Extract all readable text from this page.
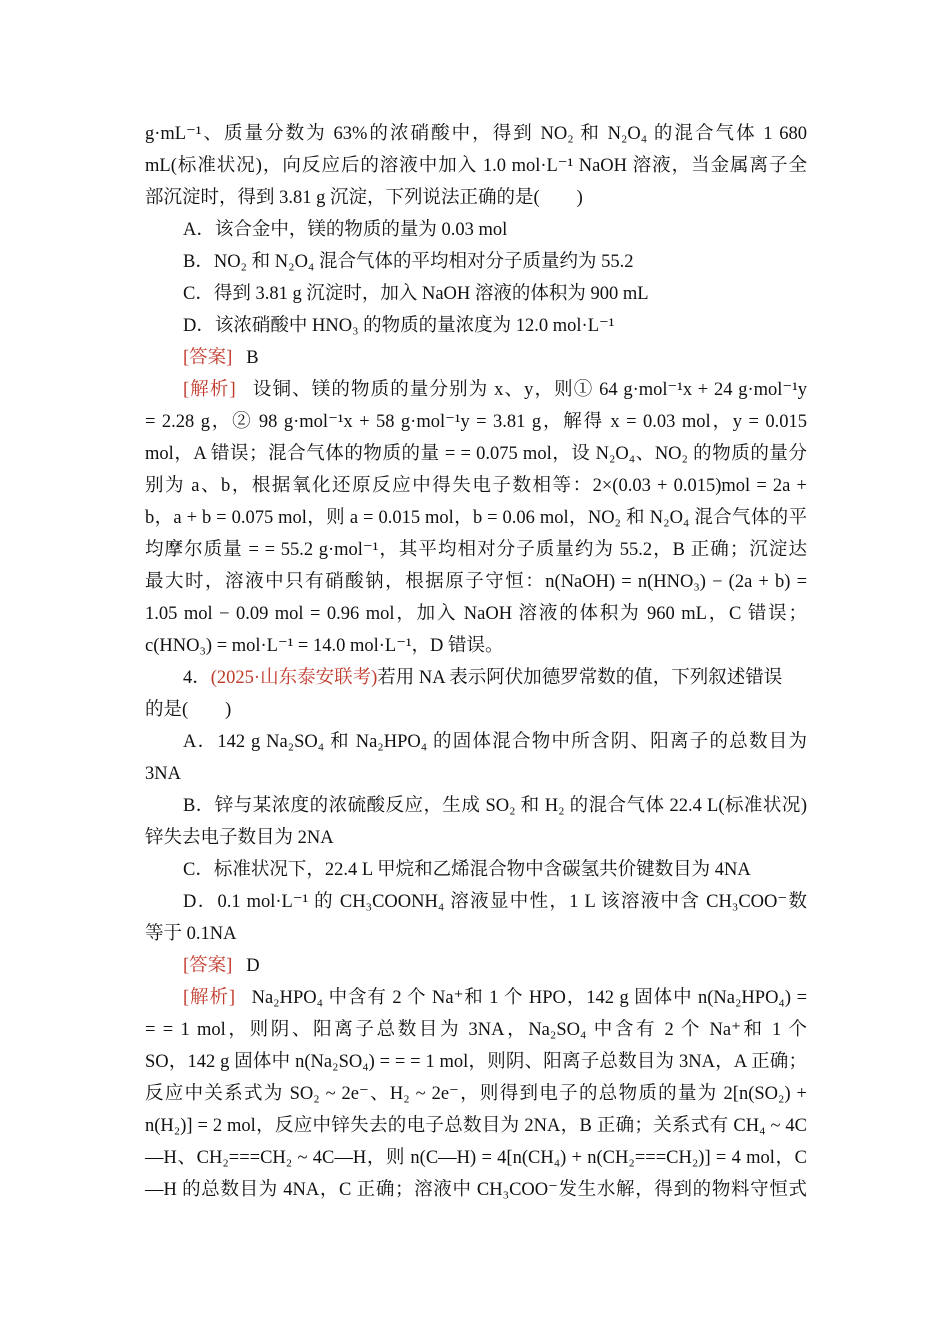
g·mL⁻¹、质量分数为 63%的浓硝酸中，得到 NO₂ 和 N₂O₄ 的混合气体 1 680
mL(标准状况)，向反应后的溶液中加入 1.0 mol·L⁻¹ NaOH 溶液，当金属离子全
部沉淀时，得到 3.81 g 沉淀，下列说法正确的是(　　)
A．该合金中，镁的物质的量为 0.03 mol
B．NO₂ 和 N₂O₄ 混合气体的平均相对分子质量约为 55.2
C．得到 3.81 g 沉淀时，加入 NaOH 溶液的体积为 900 mL
D．该浓硝酸中 HNO₃ 的物质的量浓度为 12.0 mol·L⁻¹
[答案] B
[解析] 设铜、镁的物质的量分别为 x、y，则① 64 g·mol⁻¹x + 24 g·mol⁻¹y
= 2.28 g，② 98 g·mol⁻¹x + 58 g·mol⁻¹y = 3.81 g，解得 x = 0.03 mol，y = 0.015
mol，A 错误；混合气体的物质的量 = = 0.075 mol，设 N₂O₄、NO₂ 的物质的量分
别为 a、b，根据氧化还原反应中得失电子数相等：2×(0.03 + 0.015)mol = 2a +
b，a + b = 0.075 mol，则 a = 0.015 mol，b = 0.06 mol，NO₂ 和 N₂O₄ 混合气体的平
均摩尔质量 = = 55.2 g·mol⁻¹，其平均相对分子质量约为 55.2，B 正确；沉淀达
最大时，溶液中只有硝酸钠，根据原子守恒：n(NaOH) = n(HNO₃) − (2a + b) =
1.05 mol − 0.09 mol = 0.96 mol，加入 NaOH 溶液的体积为 960 mL，C 错误；
c(HNO₃) = mol·L⁻¹ = 14.0 mol·L⁻¹，D 错误。
4．(2025·山东泰安联考)若用 NA 表示阿伏加德罗常数的值，下列叙述错误
的是(　　)
A．142 g Na₂SO₄ 和 Na₂HPO₄ 的固体混合物中所含阴、阳离子的总数目为
3NA
B．锌与某浓度的浓硫酸反应，生成 SO₂ 和 H₂ 的混合气体 22.4 L(标准状况)
锌失去电子数目为 2NA
C．标准状况下，22.4 L 甲烷和乙烯混合物中含碳氢共价键数目为 4NA
D．0.1 mol·L⁻¹ 的 CH₃COONH₄ 溶液显中性，1 L 该溶液中含 CH₃COO⁻数
等于 0.1NA
[答案] D
[解析] Na₂HPO₄ 中含有 2 个 Na⁺和 1 个 HPO，142 g 固体中 n(Na₂HPO₄) =
= = 1 mol，则阴、阳离子总数目为 3NA，Na₂SO₄ 中含有 2 个 Na⁺和 1 个
SO，142 g 固体中 n(Na₂SO₄) = = = 1 mol，则阴、阳离子总数目为 3NA，A 正确；
反应中关系式为 SO₂ ~ 2e⁻、H₂ ~ 2e⁻，则得到电子的总物质的量为 2[n(SO₂) +
n(H₂)] = 2 mol，反应中锌失去的电子总数目为 2NA，B 正确；关系式有 CH₄ ~ 4C
—H、CH₂===CH₂ ~ 4C—H，则 n(C—H) = 4[n(CH₄) + n(CH₂===CH₂)] = 4 mol，C
—H 的总数目为 4NA，C 正确；溶液中 CH₃COO⁻发生水解，得到的物料守恒式
